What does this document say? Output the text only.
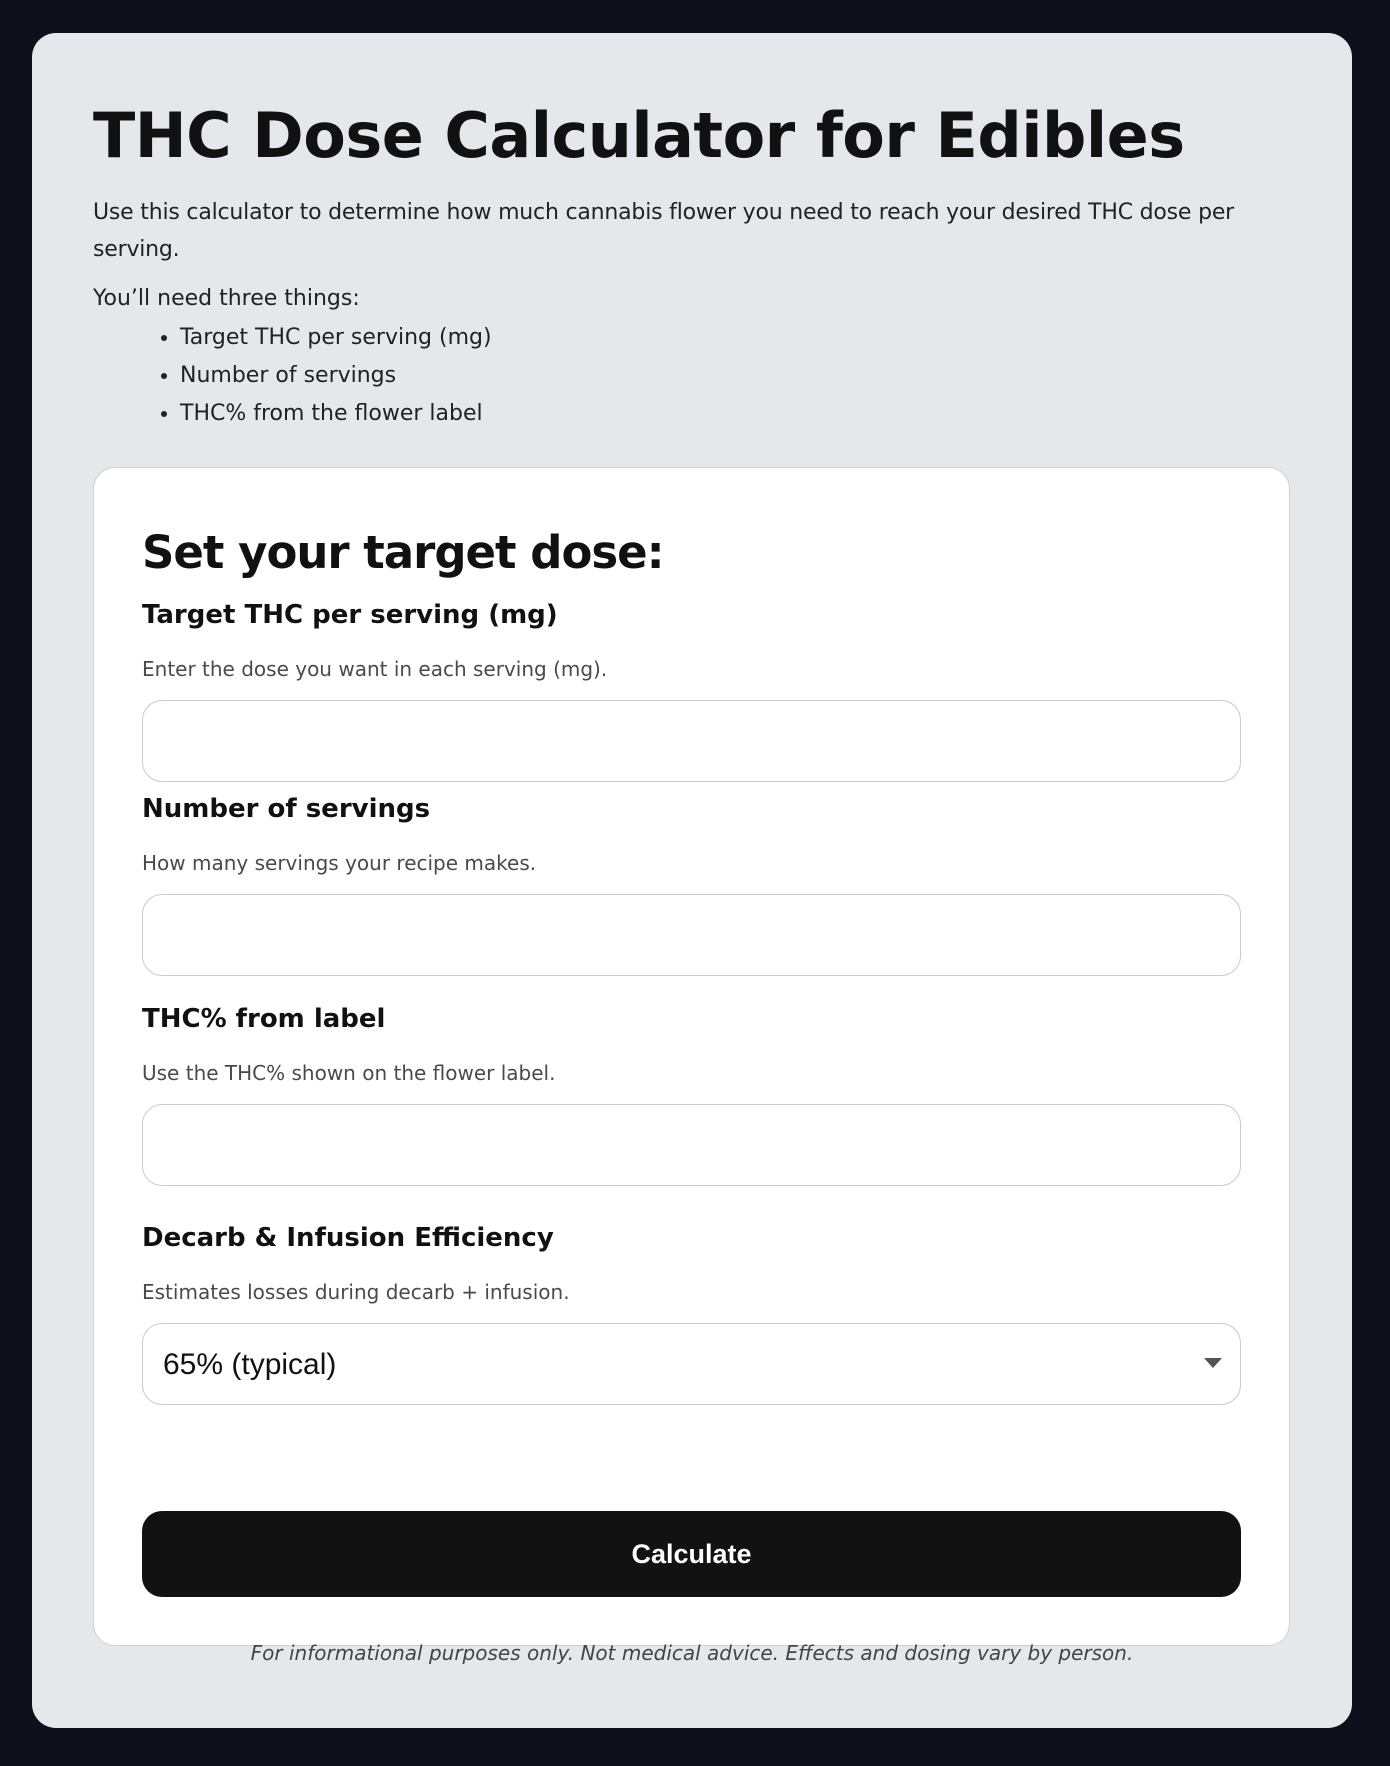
THC Dose Calculator for Edibles

Use this calculator to determine how much cannabis flower you need to reach your desired THC dose per serving.

You’ll need three things:

• Target THC per serving (mg)
• Number of servings
• THC% from the flower label
Set your target dose:
Target THC per serving (mg)
Enter the dose you want in each serving (mg).
Number of servings
How many servings your recipe makes.
THC% from label
Use the THC% shown on the flower label.
Decarb & Infusion Efficiency
Estimates losses during decarb + infusion.
65% (typical)
Calculate

For informational purposes only. Not medical advice. Effects and dosing vary by person.
